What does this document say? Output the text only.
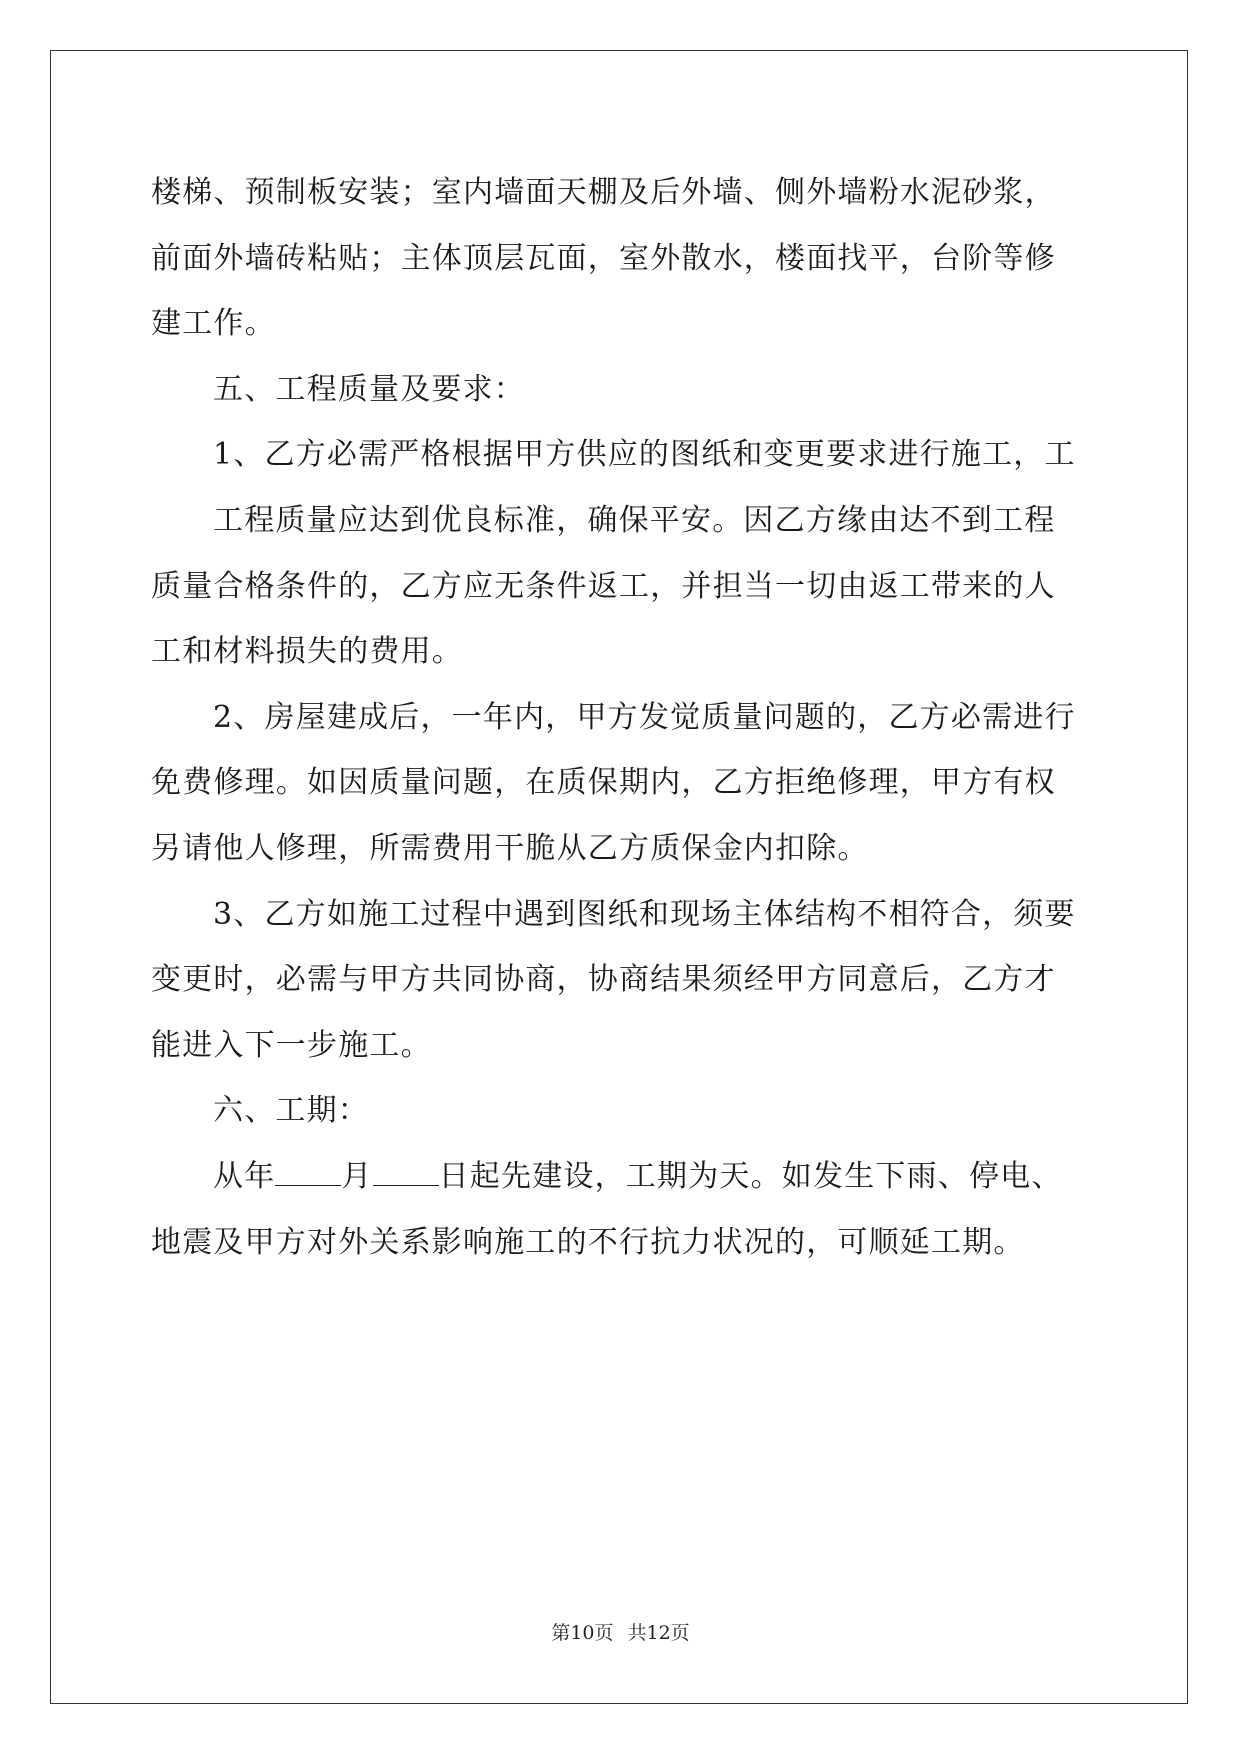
楼梯、预制板安装；室内墙面天棚及后外墙、侧外墙粉水泥砂浆，前面外墙砖粘贴；主体顶层瓦面，室外散水，楼面找平，台阶等修建工作。

五、工程质量及要求：

1、乙方必需严格根据甲方供应的图纸和变更要求进行施工，工

工程质量应达到优良标准，确保平安。因乙方缘由达不到工程质量合格条件的，乙方应无条件返工，并担当一切由返工带来的人工和材料损失的费用。

2、房屋建成后，一年内，甲方发觉质量问题的，乙方必需进行免费修理。如因质量问题，在质保期内，乙方拒绝修理，甲方有权另请他人修理，所需费用干脆从乙方质保金内扣除。

3、乙方如施工过程中遇到图纸和现场主体结构不相符合，须要变更时，必需与甲方共同协商，协商结果须经甲方同意后，乙方才能进入下一步施工。

六、工期：

从年 月 日起先建设，工期为天。如发生下雨、停电、地震及甲方对外关系影响施工的不行抗力状况的，可顺延工期。

第10页 共12页
